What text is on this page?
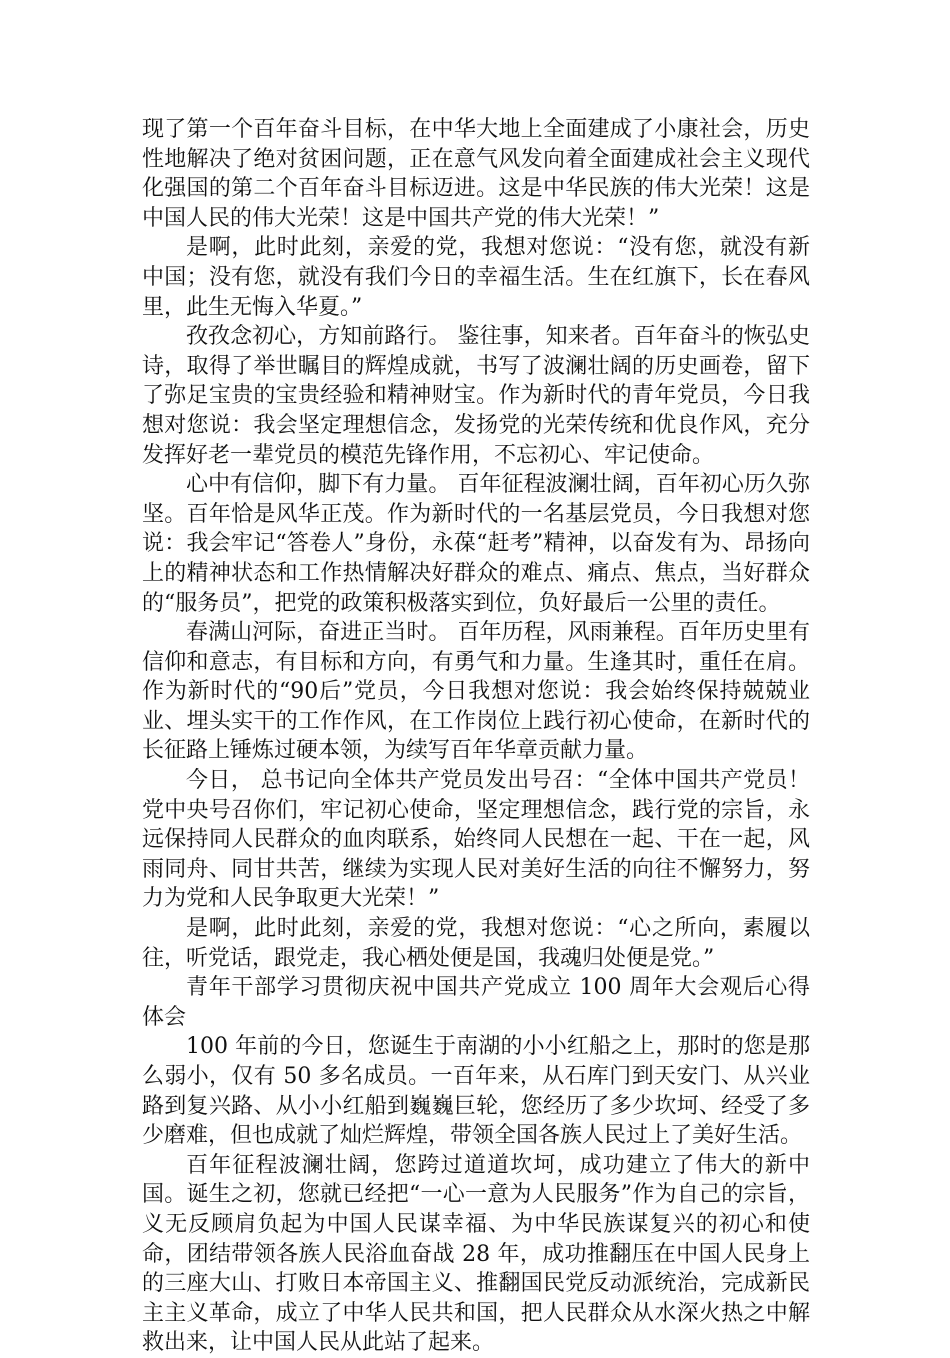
现了第一个百年奋斗目标，在中华大地上全面建成了小康社会，历史性地解决了绝对贫困问题，正在意气风发向着全面建成社会主义现代化强国的第二个百年奋斗目标迈进。这是中华民族的伟大光荣！这是中国人民的伟大光荣！这是中国共产党的伟大光荣！”

是啊，此时此刻，亲爱的党，我想对您说：“没有您，就没有新中国；没有您，就没有我们今日的幸福生活。生在红旗下，长在春风里，此生无悔入华夏。”

孜孜念初心，方知前路行。 鉴往事，知来者。百年奋斗的恢弘史诗，取得了举世瞩目的辉煌成就，书写了波澜壮阔的历史画卷，留下了弥足宝贵的宝贵经验和精神财宝。作为新时代的青年党员，今日我想对您说：我会坚定理想信念，发扬党的光荣传统和优良作风，充分发挥好老一辈党员的模范先锋作用，不忘初心、牢记使命。

心中有信仰，脚下有力量。 百年征程波澜壮阔，百年初心历久弥坚。百年恰是风华正茂。作为新时代的一名基层党员，今日我想对您说：我会牢记“答卷人”身份，永葆“赶考”精神，以奋发有为、昂扬向上的精神状态和工作热情解决好群众的难点、痛点、焦点，当好群众的“服务员”，把党的政策积极落实到位，负好最后一公里的责任。

春满山河际，奋进正当时。 百年历程，风雨兼程。百年历史里有信仰和意志，有目标和方向，有勇气和力量。生逢其时，重任在肩。作为新时代的“90后”党员，今日我想对您说：我会始终保持兢兢业业、埋头实干的工作作风，在工作岗位上践行初心使命，在新时代的长征路上锤炼过硬本领，为续写百年华章贡献力量。

今日， 总书记向全体共产党员发出号召：“全体中国共产党员！党中央号召你们，牢记初心使命，坚定理想信念，践行党的宗旨，永远保持同人民群众的血肉联系，始终同人民想在一起、干在一起，风雨同舟、同甘共苦，继续为实现人民对美好生活的向往不懈努力，努力为党和人民争取更大光荣！”

是啊，此时此刻，亲爱的党，我想对您说：“心之所向，素履以往，听党话，跟党走，我心栖处便是国，我魂归处便是党。”

青年干部学习贯彻庆祝中国共产党成立 100 周年大会观后心得体会

100 年前的今日，您诞生于南湖的小小红船之上，那时的您是那么弱小，仅有 50 多名成员。一百年来，从石库门到天安门、从兴业路到复兴路、从小小红船到巍巍巨轮，您经历了多少坎坷、经受了多少磨难，但也成就了灿烂辉煌，带领全国各族人民过上了美好生活。

百年征程波澜壮阔，您跨过道道坎坷，成功建立了伟大的新中国。诞生之初，您就已经把“一心一意为人民服务”作为自己的宗旨，义无反顾肩负起为中国人民谋幸福、为中华民族谋复兴的初心和使命，团结带领各族人民浴血奋战 28 年，成功推翻压在中国人民身上的三座大山、打败日本帝国主义、推翻国民党反动派统治，完成新民主主义革命，成立了中华人民共和国，把人民群众从水深火热之中解救出来，让中国人民从此站了起来。
